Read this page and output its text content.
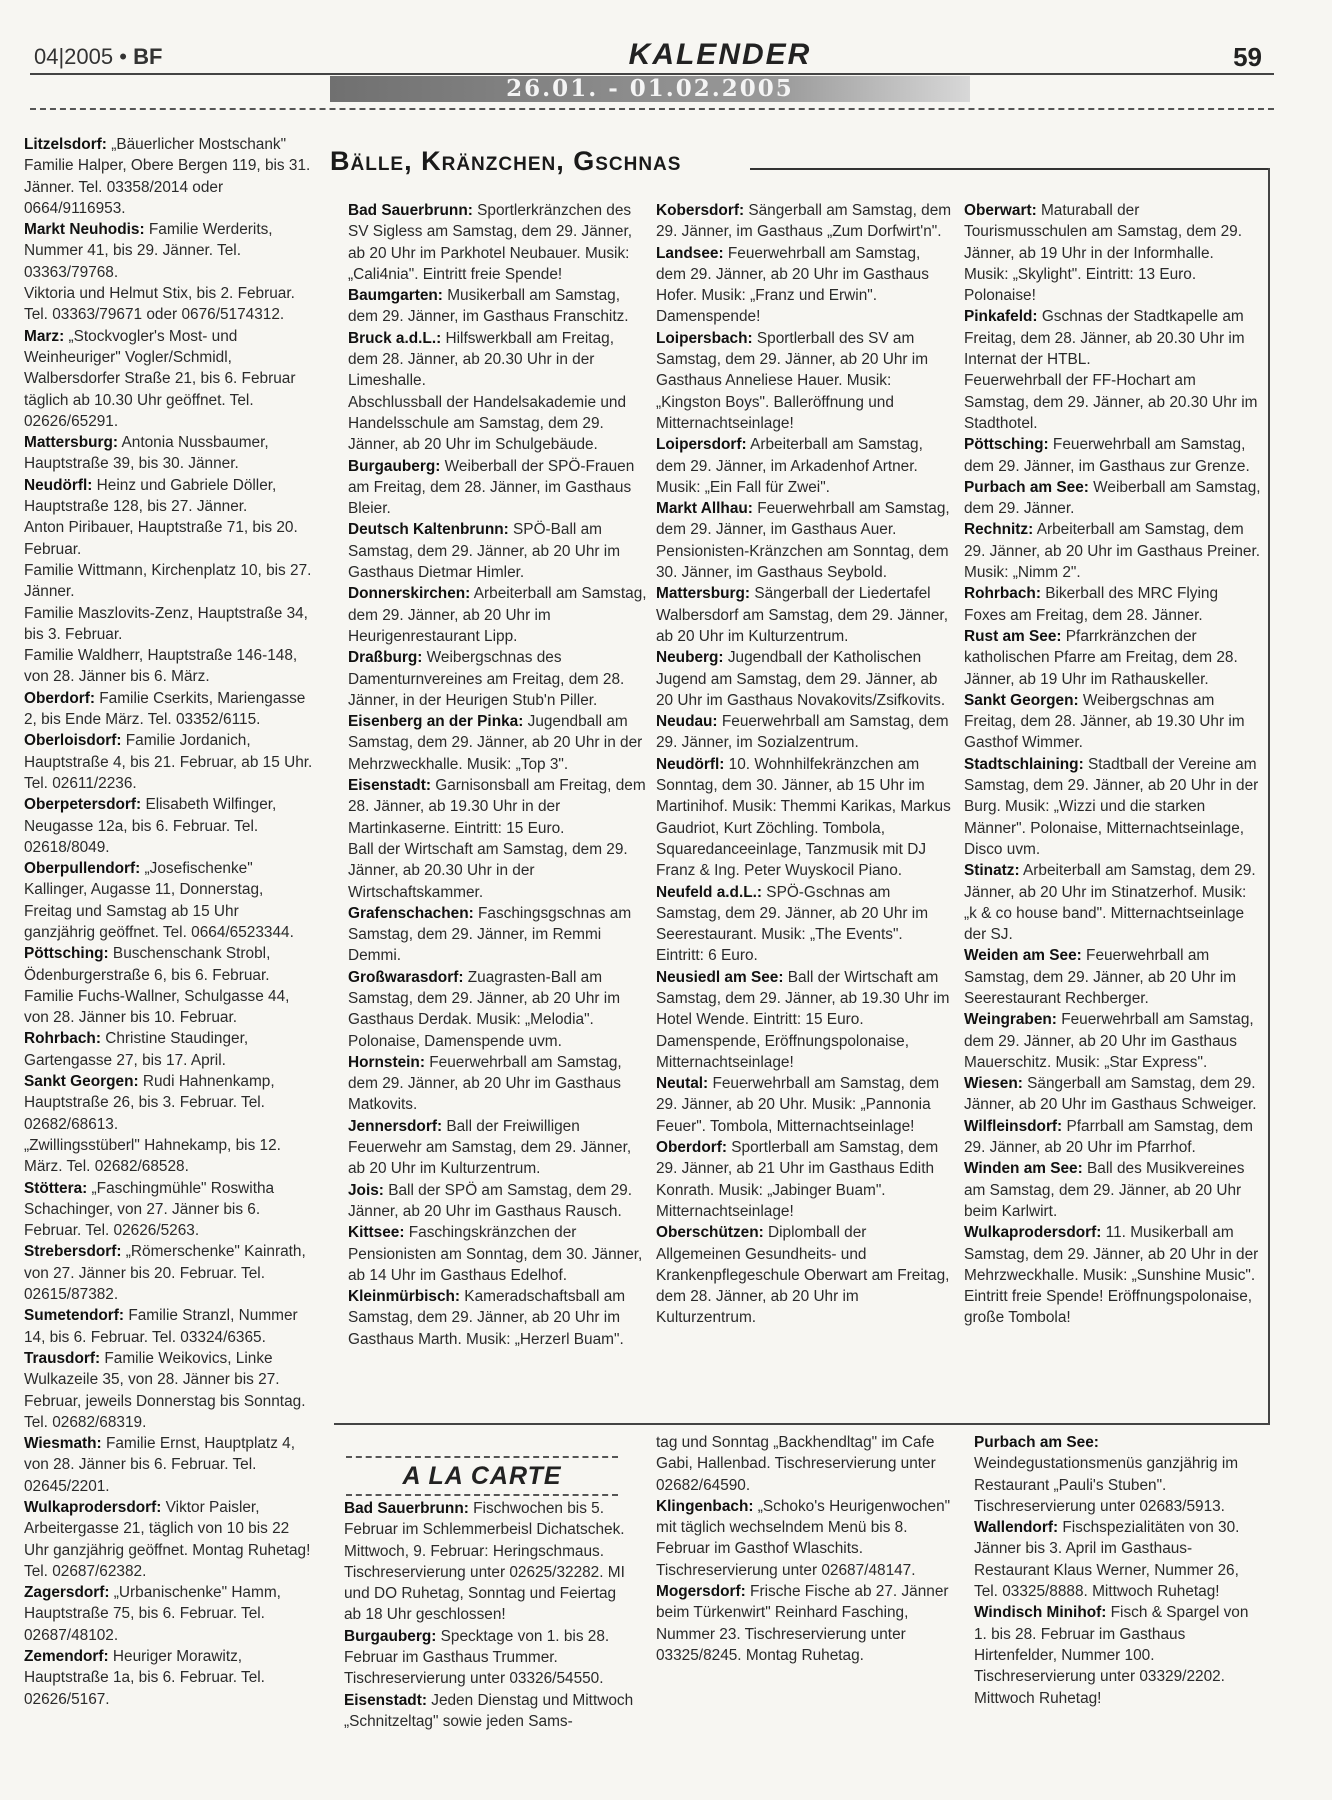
04|2005 • BF	KALENDER	59
26.01. - 01.02.2005

Litzelsdorf: „Bäuerlicher Mostschank" Familie Halper, Obere Bergen 119, bis 31. Jänner. Tel. 03358/2014 oder 0664/9116953.

Markt Neuhodis: Familie Werderits, Nummer 41, bis 29. Jänner. Tel. 03363/79768.

Viktoria und Helmut Stix, bis 2. Februar. Tel. 03363/79671 oder 0676/5174312.

Marz: „Stockvogler's Most- und Weinheuriger" Vogler/Schmidl, Walbersdorfer Straße 21, bis 6. Februar täglich ab 10.30 Uhr geöffnet. Tel. 02626/65291.

Mattersburg: Antonia Nussbaumer, Hauptstraße 39, bis 30. Jänner.

Neudörfl: Heinz und Gabriele Döller, Hauptstraße 128, bis 27. Jänner.

Anton Piribauer, Hauptstraße 71, bis 20. Februar.

Familie Wittmann, Kirchenplatz 10, bis 27. Jänner.

Familie Maszlovits-Zenz, Hauptstraße 34, bis 3. Februar.

Familie Waldherr, Hauptstraße 146-148, von 28. Jänner bis 6. März.

Oberdorf: Familie Cserkits, Mariengasse 2, bis Ende März. Tel. 03352/6115.

Oberloisdorf: Familie Jordanich, Hauptstraße 4, bis 21. Februar, ab 15 Uhr. Tel. 02611/2236.

Oberpetersdorf: Elisabeth Wilfinger, Neugasse 12a, bis 6. Februar. Tel. 02618/8049.

Oberpullendorf: „Josefischenke" Kallinger, Augasse 11, Donnerstag, Freitag und Samstag ab 15 Uhr ganzjährig geöffnet. Tel. 0664/6523344.

Pöttsching: Buschenschank Strobl, Ödenburgerstraße 6, bis 6. Februar.

Familie Fuchs-Wallner, Schulgasse 44, von 28. Jänner bis 10. Februar.

Rohrbach: Christine Staudinger, Gartengasse 27, bis 17. April.

Sankt Georgen: Rudi Hahnenkamp, Hauptstraße 26, bis 3. Februar. Tel. 02682/68613.

„Zwillingsstüberl" Hahnekamp, bis 12. März. Tel. 02682/68528.

Stöttera: „Faschingmühle" Roswitha Schachinger, von 27. Jänner bis 6. Februar. Tel. 02626/5263.

Strebersdorf: „Römerschenke" Kainrath, von 27. Jänner bis 20. Februar. Tel. 02615/87382.

Sumetendorf: Familie Stranzl, Nummer 14, bis 6. Februar. Tel. 03324/6365.

Trausdorf: Familie Weikovics, Linke Wulkazeile 35, von 28. Jänner bis 27. Februar, jeweils Donnerstag bis Sonntag. Tel. 02682/68319.

Wiesmath: Familie Ernst, Hauptplatz 4, von 28. Jänner bis 6. Februar. Tel. 02645/2201.

Wulkaprodersdorf: Viktor Paisler, Arbeitergasse 21, täglich von 10 bis 22 Uhr ganzjährig geöffnet. Montag Ruhetag! Tel. 02687/62382.

Zagersdorf: „Urbanischenke" Hamm, Hauptstraße 75, bis 6. Februar. Tel. 02687/48102.

Zemendorf: Heuriger Morawitz, Hauptstraße 1a, bis 6. Februar. Tel. 02626/5167.

Bälle, Kränzchen, Gschnas

Bad Sauerbrunn: Sportlerkränzchen des SV Sigless am Samstag, dem 29. Jänner, ab 20 Uhr im Parkhotel Neubauer. Musik: „Cali4nia". Eintritt freie Spende!

Baumgarten: Musikerball am Samstag, dem 29. Jänner, im Gasthaus Franschitz.

Bruck a.d.L.: Hilfswerkball am Freitag, dem 28. Jänner, ab 20.30 Uhr in der Limeshalle.

Abschlussball der Handelsakademie und Handelsschule am Samstag, dem 29. Jänner, ab 20 Uhr im Schulgebäude.

Burgauberg: Weiberball der SPÖ-Frauen am Freitag, dem 28. Jänner, im Gasthaus Bleier.

Deutsch Kaltenbrunn: SPÖ-Ball am Samstag, dem 29. Jänner, ab 20 Uhr im Gasthaus Dietmar Himler.

Donnerskirchen: Arbeiterball am Samstag, dem 29. Jänner, ab 20 Uhr im Heurigenrestaurant Lipp.

Draßburg: Weibergschnas des Damenturnvereines am Freitag, dem 28. Jänner, in der Heurigen Stub'n Piller.

Eisenberg an der Pinka: Jugendball am Samstag, dem 29. Jänner, ab 20 Uhr in der Mehrzweckhalle. Musik: „Top 3".

Eisenstadt: Garnisonsball am Freitag, dem 28. Jänner, ab 19.30 Uhr in der Martinkaserne. Eintritt: 15 Euro.

Ball der Wirtschaft am Samstag, dem 29. Jänner, ab 20.30 Uhr in der Wirtschaftskammer.

Grafenschachen: Faschingsgschnas am Samstag, dem 29. Jänner, im Remmi Demmi.

Großwarasdorf: Zuagrasten-Ball am Samstag, dem 29. Jänner, ab 20 Uhr im Gasthaus Derdak. Musik: „Melodia". Polonaise, Damenspende uvm.

Hornstein: Feuerwehrball am Samstag, dem 29. Jänner, ab 20 Uhr im Gasthaus Matkovits.

Jennersdorf: Ball der Freiwilligen Feuerwehr am Samstag, dem 29. Jänner, ab 20 Uhr im Kulturzentrum.

Jois: Ball der SPÖ am Samstag, dem 29. Jänner, ab 20 Uhr im Gasthaus Rausch.

Kittsee: Faschingskränzchen der Pensionisten am Sonntag, dem 30. Jänner, ab 14 Uhr im Gasthaus Edelhof.

Kleinmürbisch: Kameradschaftsball am Samstag, dem 29. Jänner, ab 20 Uhr im Gasthaus Marth. Musik: „Herzerl Buam".

Kobersdorf: Sängerball am Samstag, dem 29. Jänner, im Gasthaus „Zum Dorfwirt'n".

Landsee: Feuerwehrball am Samstag, dem 29. Jänner, ab 20 Uhr im Gasthaus Hofer. Musik: „Franz und Erwin". Damenspende!

Loipersbach: Sportlerball des SV am Samstag, dem 29. Jänner, ab 20 Uhr im Gasthaus Anneliese Hauer. Musik: „Kingston Boys". Balleröffnung und Mitternachtseinlage!

Loipersdorf: Arbeiterball am Samstag, dem 29. Jänner, im Arkadenhof Artner. Musik: „Ein Fall für Zwei".

Markt Allhau: Feuerwehrball am Samstag, dem 29. Jänner, im Gasthaus Auer.

Pensionisten-Kränzchen am Sonntag, dem 30. Jänner, im Gasthaus Seybold.

Mattersburg: Sängerball der Liedertafel Walbersdorf am Samstag, dem 29. Jänner, ab 20 Uhr im Kulturzentrum.

Neuberg: Jugendball der Katholischen Jugend am Samstag, dem 29. Jänner, ab 20 Uhr im Gasthaus Novakovits/Zsifkovits.

Neudau: Feuerwehrball am Samstag, dem 29. Jänner, im Sozialzentrum.

Neudörfl: 10. Wohnhilfekränzchen am Sonntag, dem 30. Jänner, ab 15 Uhr im Martinihof. Musik: Themmi Karikas, Markus Gaudriot, Kurt Zöchling. Tombola, Squaredanceeinlage, Tanzmusik mit DJ Franz & Ing. Peter Wuyskocil Piano.

Neufeld a.d.L.: SPÖ-Gschnas am Samstag, dem 29. Jänner, ab 20 Uhr im Seerestaurant. Musik: „The Events". Eintritt: 6 Euro.

Neusiedl am See: Ball der Wirtschaft am Samstag, dem 29. Jänner, ab 19.30 Uhr im Hotel Wende. Eintritt: 15 Euro. Damenspende, Eröffnungspolonaise, Mitternachtseinlage!

Neutal: Feuerwehrball am Samstag, dem 29. Jänner, ab 20 Uhr. Musik: „Pannonia Feuer". Tombola, Mitternachtseinlage!

Oberdorf: Sportlerball am Samstag, dem 29. Jänner, ab 21 Uhr im Gasthaus Edith Konrath. Musik: „Jabinger Buam". Mitternachtseinlage!

Oberschützen: Diplomball der Allgemeinen Gesundheits- und Krankenpflegeschule Oberwart am Freitag, dem 28. Jänner, ab 20 Uhr im Kulturzentrum.

Oberwart: Maturaball der Tourismusschulen am Samstag, dem 29. Jänner, ab 19 Uhr in der Informhalle. Musik: „Skylight". Eintritt: 13 Euro. Polonaise!

Pinkafeld: Gschnas der Stadtkapelle am Freitag, dem 28. Jänner, ab 20.30 Uhr im Internat der HTBL.

Feuerwehrball der FF-Hochart am Samstag, dem 29. Jänner, ab 20.30 Uhr im Stadthotel.

Pöttsching: Feuerwehrball am Samstag, dem 29. Jänner, im Gasthaus zur Grenze.

Purbach am See: Weiberball am Samstag, dem 29. Jänner.

Rechnitz: Arbeiterball am Samstag, dem 29. Jänner, ab 20 Uhr im Gasthaus Preiner. Musik: „Nimm 2".

Rohrbach: Bikerball des MRC Flying Foxes am Freitag, dem 28. Jänner.

Rust am See: Pfarrkränzchen der katholischen Pfarre am Freitag, dem 28. Jänner, ab 19 Uhr im Rathauskeller.

Sankt Georgen: Weibergschnas am Freitag, dem 28. Jänner, ab 19.30 Uhr im Gasthof Wimmer.

Stadtschlaining: Stadtball der Vereine am Samstag, dem 29. Jänner, ab 20 Uhr in der Burg. Musik: „Wizzi und die starken Männer". Polonaise, Mitternachtseinlage, Disco uvm.

Stinatz: Arbeiterball am Samstag, dem 29. Jänner, ab 20 Uhr im Stinatzerhof. Musik: „k & co house band". Mitternachtseinlage der SJ.

Weiden am See: Feuerwehrball am Samstag, dem 29. Jänner, ab 20 Uhr im Seerestaurant Rechberger.

Weingraben: Feuerwehrball am Samstag, dem 29. Jänner, ab 20 Uhr im Gasthaus Mauerschitz. Musik: „Star Express".

Wiesen: Sängerball am Samstag, dem 29. Jänner, ab 20 Uhr im Gasthaus Schweiger.

Wilfleinsdorf: Pfarrball am Samstag, dem 29. Jänner, ab 20 Uhr im Pfarrhof.

Winden am See: Ball des Musikvereines am Samstag, dem 29. Jänner, ab 20 Uhr beim Karlwirt.

Wulkaprodersdorf: 11. Musikerball am Samstag, dem 29. Jänner, ab 20 Uhr in der Mehrzweckhalle. Musik: „Sunshine Music". Eintritt freie Spende! Eröffnungspolonaise, große Tombola!

A LA CARTE

Bad Sauerbrunn: Fischwochen bis 5. Februar im Schlemmerbeisl Dichatschek. Mittwoch, 9. Februar: Heringschmaus. Tischreservierung unter 02625/32282. MI und DO Ruhetag, Sonntag und Feiertag ab 18 Uhr geschlossen!

Burgauberg: Specktage von 1. bis 28. Februar im Gasthaus Trummer. Tischreservierung unter 03326/54550.

Eisenstadt: Jeden Dienstag und Mittwoch „Schnitzeltag" sowie jeden Sams-

tag und Sonntag „Backhendltag" im Cafe Gabi, Hallenbad. Tischreservierung unter 02682/64590.

Klingenbach: „Schoko's Heurigenwochen" mit täglich wechselndem Menü bis 8. Februar im Gasthof Wlaschits. Tischreservierung unter 02687/48147.

Mogersdorf: Frische Fische ab 27. Jänner beim Türkenwirt" Reinhard Fasching, Nummer 23. Tischreservierung unter 03325/8245. Montag Ruhetag.

Purbach am See: Weindegustationsmenüs ganzjährig im Restaurant „Pauli's Stuben". Tischreservierung unter 02683/5913.

Wallendorf: Fischspezialitäten von 30. Jänner bis 3. April im Gasthaus-Restaurant Klaus Werner, Nummer 26, Tel. 03325/8888. Mittwoch Ruhetag!

Windisch Minihof: Fisch & Spargel von 1. bis 28. Februar im Gasthaus Hirtenfelder, Nummer 100. Tischreservierung unter 03329/2202. Mittwoch Ruhetag!
